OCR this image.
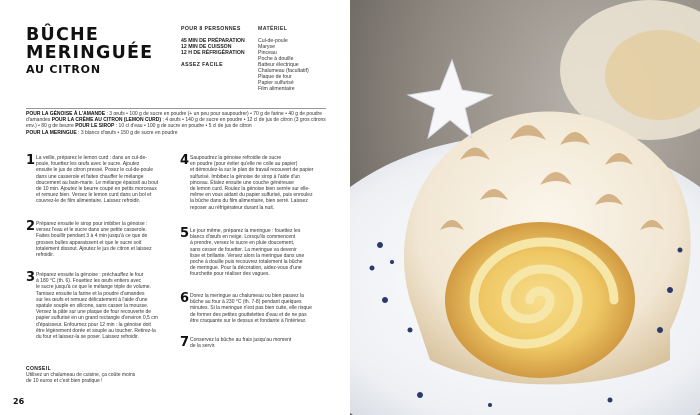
BÛCHE
MERINGUÉE
AU CITRON
POUR 8 PERSONNES
45 MIN DE PRÉPARATION
12 MIN DE CUISSON
12 H DE RÉFRIGÉRATION
ASSEZ FACILE
MATÉRIEL
Cul-de-poule
Maryse
Pinceau
Poche à douille
Batteur électrique
Chalumeau (facultatif)
Plaque de four
Papier sulfurisé
Film alimentaire
POUR LA GÉNOISE À L'AMANDE : 3 œufs • 100 g de sucre en poudre (+ un peu pour saupoudrer) • 70 g de farine • 40 g de poudre d'amandes POUR LA CRÈME AU CITRON (LEMON CURD) : 4 œufs • 140 g de sucre en poudre • 12 cl de jus de citron (3 gros citrons env.) • 80 g de beurre POUR LE SIROP : 10 cl d'eau • 100 g de sucre en poudre • 5 cl de jus de citron
POUR LA MERINGUE : 3 blancs d'œufs • 150 g de sucre en poudre
1 La veille, préparez le lemon curd : dans un cul-de-
poule, fouettez les œufs avec le sucre. Ajoutez
ensuite le jus de citron pressé. Posez le cul-de-poule
dans une casserole et faites chauffer le mélange
doucement au bain-marie. Le mélange épaissit au bout
de 10 min. Ajoutez le beurre coupé en petits morceaux
et remuez bien. Versez le lemon curd dans un bol et
couvrez-le de film alimentaire. Laissez refroidir.
2 Préparez ensuite le sirop pour imbiber la génoise :
versez l'eau et le sucre dans une petite casserole.
Faites bouillir pendant 3 à 4 min jusqu'à ce que de
grosses bulles apparaissent et que le sucre soit
totalement dissout. Ajoutez le jus de citron et laissez
refroidir.
3 Préparez ensuite la génoise : préchauffez le four
à 180 °C (th. 6). Fouettez les œufs entiers avec
le sucre jusqu'à ce que le mélange triple de volume.
Tamisez ensuite la farine et la poudre d'amandes
sur les œufs et remuez délicatement à l'aide d'une
spatule souple en silicone, sans casser la mousse.
Versez la pâte sur une plaque de four recouverte de
papier sulfurisé en un grand rectangle d'environ 0,5 cm
d'épaisseur. Enfournez pour 12 min : la génoise doit
être légèrement dorée et souple au toucher. Retirez-la
du four et laissez-la se poser. Laissez refroidir.
4 Saupoudrez la génoise refroidie de sucre
en poudre (pour éviter qu'elle ne colle au papier)
et démoulez-la sur le plan de travail recouvert de papier
sulfurisé. Imbibez la génoise de sirop à l'aide d'un
pinceau. Étalez ensuite une couche généreuse
de lemon curd. Roulez la génoise bien serrée sur elle-
même en vous aidant du papier sulfurisé, puis enroulez
la bûche dans du film alimentaire, bien serré. Laissez
reposer au réfrigérateur durant la nuit.
5 Le jour même, préparez la meringue : fouettez les
blancs d'œufs en neige. Lorsqu'ils commencent
à prendre, versez le sucre en pluie doucement,
sans cesser de fouetter. La meringue va devenir
lisse et brillante. Versez alors la meringue dans une
poche à douille puis recouvrez totalement la bûche
de meringue. Pour la décoration, aidez-vous d'une
fourchette pour réaliser des vagues.
6 Dorez la meringue au chalumeau ou bien passez la
bûche au four à 230 °C (th. 7-8) pendant quelques
minutes. Si la meringue n'est pas bien cuite, elle risque
de former des petites gouttelettes d'eau et de ne pas
être craquante sur le dessus et fondante à l'intérieur.
7 Conservez la bûche au frais jusqu'au moment
de la servir.
CONSEIL
Utilisez un chalumeau de cuisine, ça coûte moins
de 10 euros et c'est bien pratique !
26
